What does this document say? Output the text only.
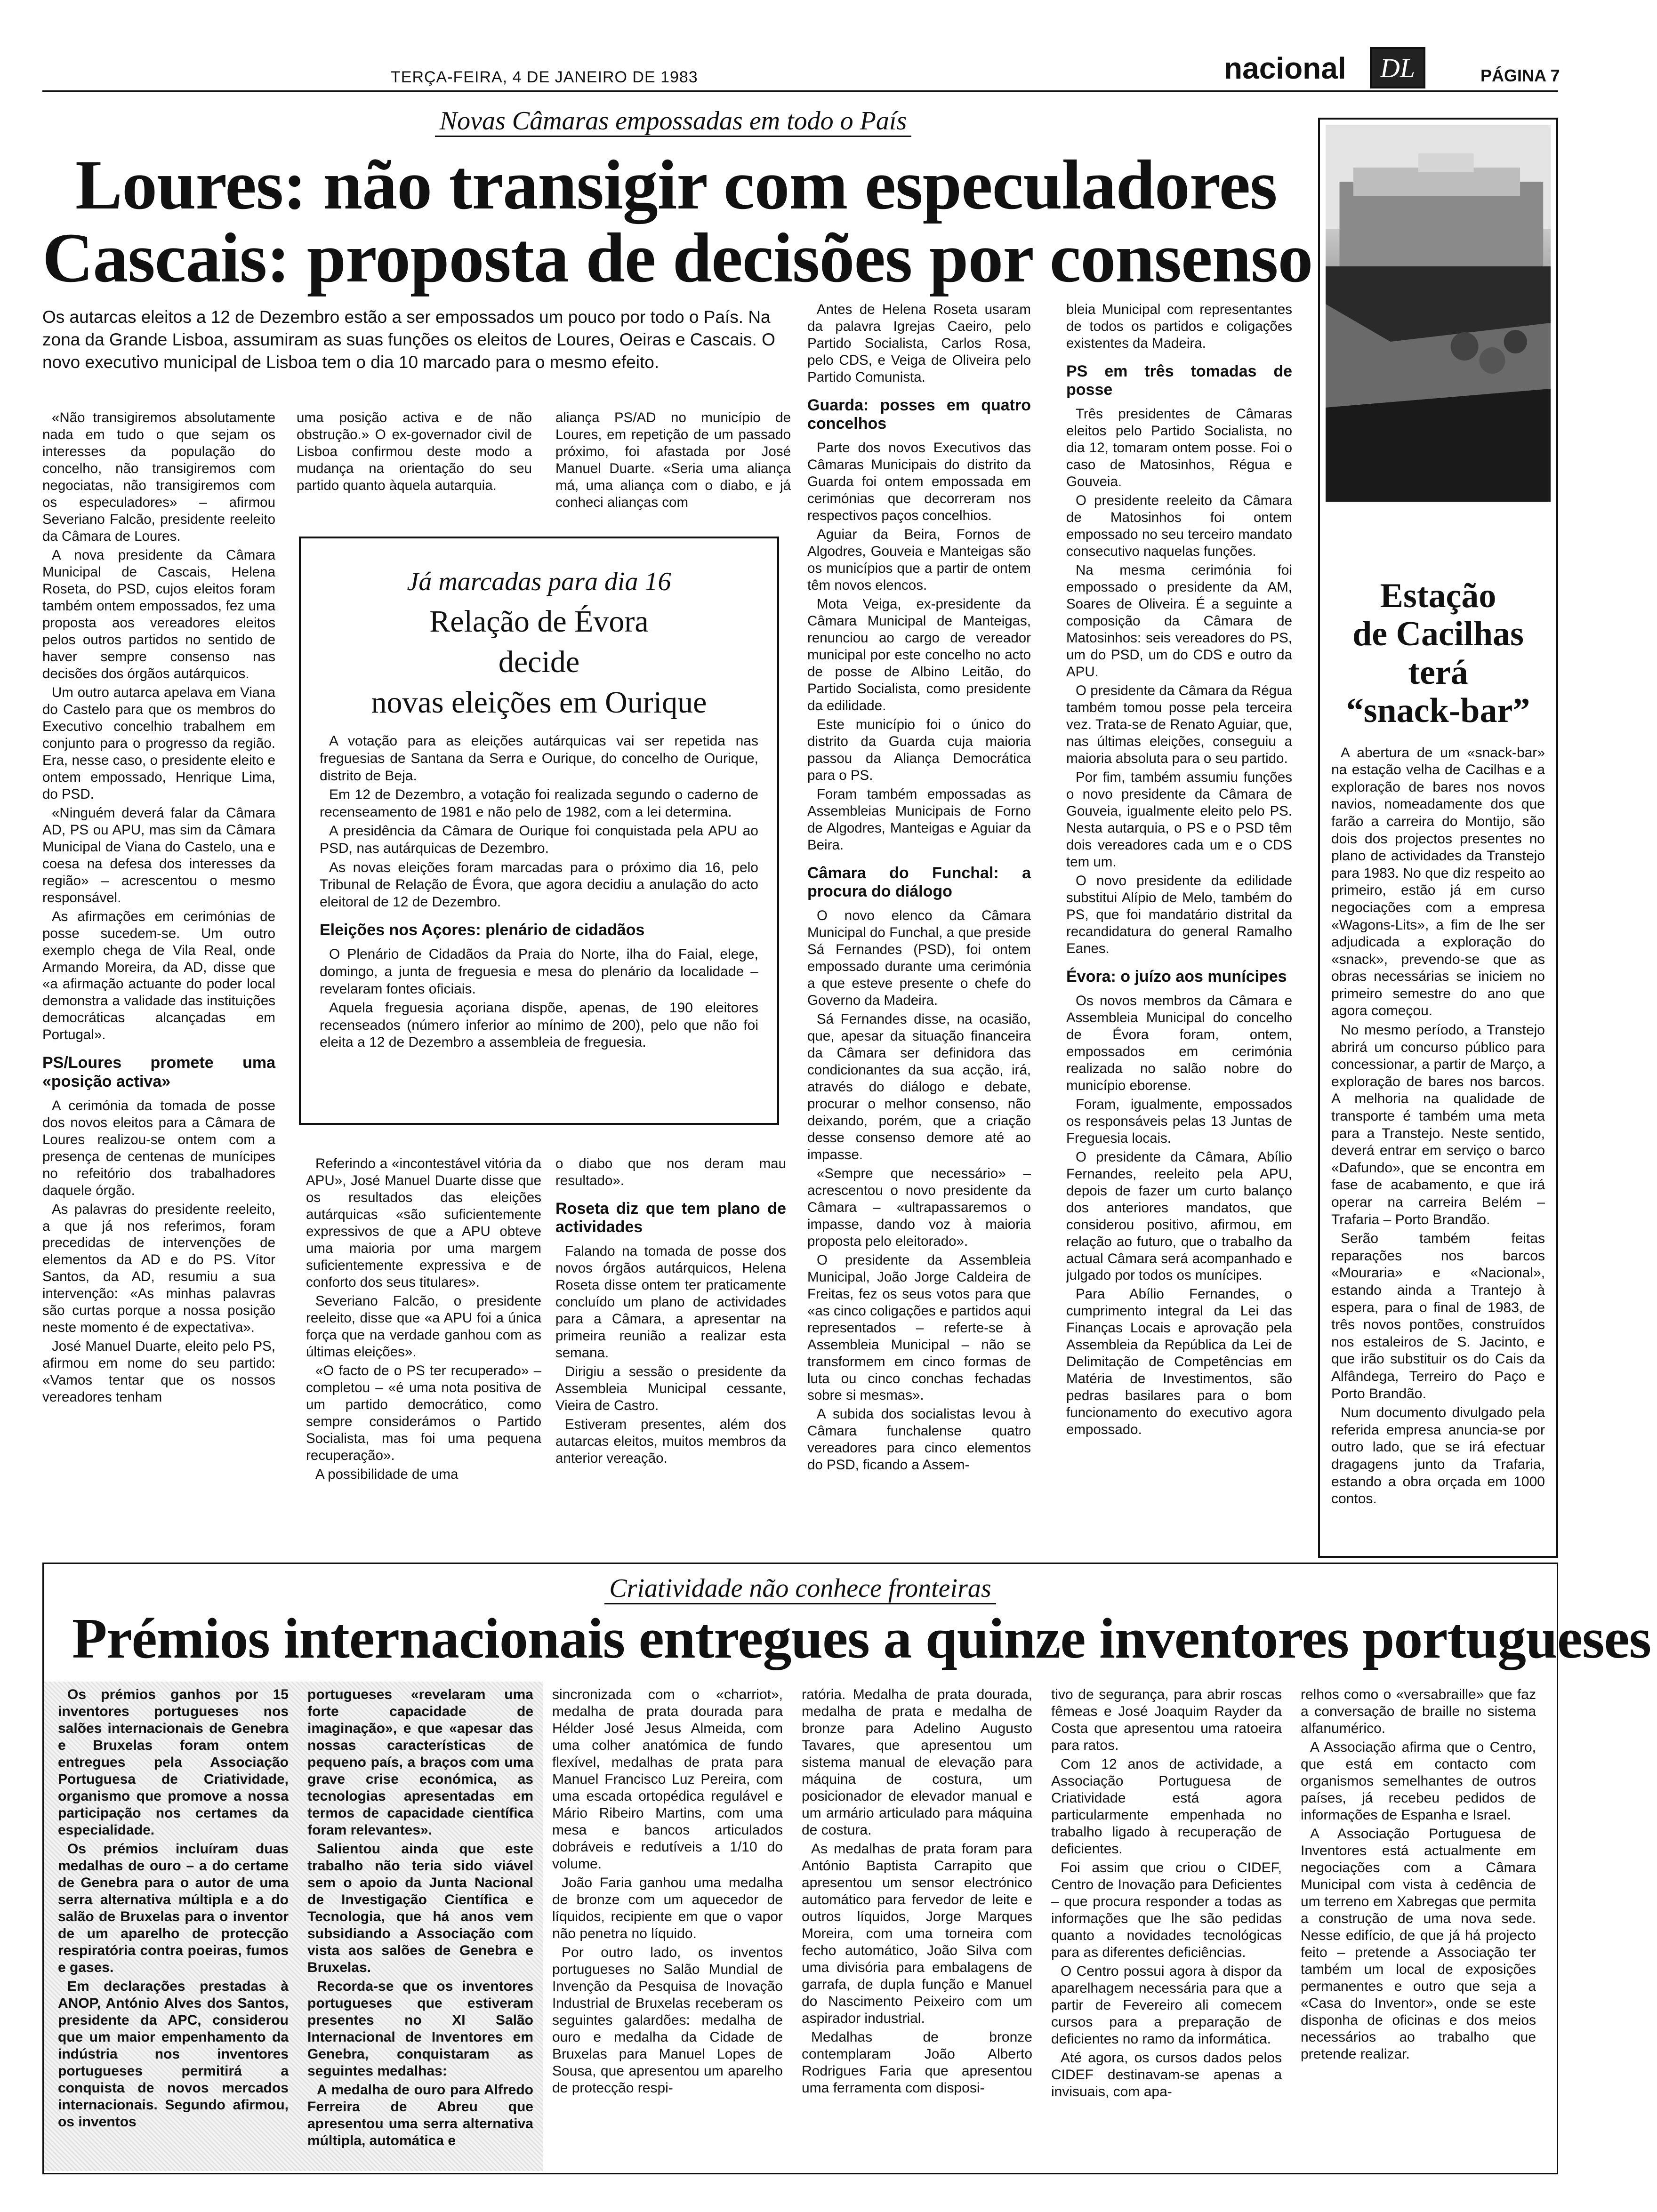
TERÇA-FEIRA, 4 DE JANEIRO DE 1983	nacional DL	PÁGINA 7
Novas Câmaras empossadas em todo o País
Loures: não transigir com especuladores
Cascais: proposta de decisões por consenso
Os autarcas eleitos a 12 de Dezembro estão a ser empossados um pouco por todo o País. Na zona da Grande Lisboa, assumiram as suas funções os eleitos de Loures, Oeiras e Cascais. O novo executivo municipal de Lisboa tem o dia 10 marcado para o mesmo efeito.

«Não transigiremos absolutamente nada em tudo o que sejam os interesses da população do concelho, não transigiremos com negociatas, não transigiremos com os especuladores» – afirmou Severiano Falcão, presidente reeleito da Câmara de Loures.

A nova presidente da Câmara Municipal de Cascais, Helena Roseta, do PSD, cujos eleitos foram também ontem empossados, fez uma proposta aos vereadores eleitos pelos outros partidos no sentido de haver sempre consenso nas decisões dos órgãos autárquicos.

Um outro autarca apelava em Viana do Castelo para que os membros do Executivo concelhio trabalhem em conjunto para o progresso da região. Era, nesse caso, o presidente eleito e ontem empossado, Henrique Lima, do PSD.

«Ninguém deverá falar da Câmara AD, PS ou APU, mas sim da Câmara Municipal de Viana do Castelo, una e coesa na defesa dos interesses da região» – acrescentou o mesmo responsável.

As afirmações em cerimónias de posse sucedem-se. Um outro exemplo chega de Vila Real, onde Armando Moreira, da AD, disse que «a afirmação actuante do poder local demonstra a validade das instituições democráticas alcançadas em Portugal».

PS/Loures promete uma «posição activa»

A cerimónia da tomada de posse dos novos eleitos para a Câmara de Loures realizou-se ontem com a presença de centenas de munícipes no refeitório dos trabalhadores daquele órgão.

As palavras do presidente reeleito, a que já nos referimos, foram precedidas de intervenções de elementos da AD e do PS. Vítor Santos, da AD, resumiu a sua intervenção: «As minhas palavras são curtas porque a nossa posição neste momento é de expectativa».

José Manuel Duarte, eleito pelo PS, afirmou em nome do seu partido: «Vamos tentar que os nossos vereadores tenham

uma posição activa e de não obstrução.» O ex-governador civil de Lisboa confirmou deste modo a mudança na orientação do seu partido quanto àquela autarquia.

aliança PS/AD no município de Loures, em repetição de um passado próximo, foi afastada por José Manuel Duarte. «Seria uma aliança má, uma aliança com o diabo, e já conheci alianças com

Já marcadas para dia 16
Relação de Évora
decide
novas eleições em Ourique

A votação para as eleições autárquicas vai ser repetida nas freguesias de Santana da Serra e Ourique, do concelho de Ourique, distrito de Beja.

Em 12 de Dezembro, a votação foi realizada segundo o caderno de recenseamento de 1981 e não pelo de 1982, com a lei determina.

A presidência da Câmara de Ourique foi conquistada pela APU ao PSD, nas autárquicas de Dezembro.

As novas eleições foram marcadas para o próximo dia 16, pelo Tribunal de Relação de Évora, que agora decidiu a anulação do acto eleitoral de 12 de Dezembro.

Eleições nos Açores: plenário de cidadãos

O Plenário de Cidadãos da Praia do Norte, ilha do Faial, elege, domingo, a junta de freguesia e mesa do plenário da localidade – revelaram fontes oficiais.

Aquela freguesia açoriana dispõe, apenas, de 190 eleitores recenseados (número inferior ao mínimo de 200), pelo que não foi eleita a 12 de Dezembro a assembleia de freguesia.

Referindo a «incontestável vitória da APU», José Manuel Duarte disse que os resultados das eleições autárquicas «são suficientemente expressivos de que a APU obteve uma maioria por uma margem suficientemente expressiva e de conforto dos seus titulares».

Severiano Falcão, o presidente reeleito, disse que «a APU foi a única força que na verdade ganhou com as últimas eleições».

«O facto de o PS ter recuperado» – completou – «é uma nota positiva de um partido democrático, como sempre considerámos o Partido Socialista, mas foi uma pequena recuperação».

A possibilidade de uma

o diabo que nos deram mau resultado».

Roseta diz que tem plano de actividades

Falando na tomada de posse dos novos órgãos autárquicos, Helena Roseta disse ontem ter praticamente concluído um plano de actividades para a Câmara, a apresentar na primeira reunião a realizar esta semana.

Dirigiu a sessão o presidente da Assembleia Municipal cessante, Vieira de Castro.

Estiveram presentes, além dos autarcas eleitos, muitos membros da anterior vereação.

Antes de Helena Roseta usaram da palavra Igrejas Caeiro, pelo Partido Socialista, Carlos Rosa, pelo CDS, e Veiga de Oliveira pelo Partido Comunista.

Guarda: posses em quatro concelhos

Parte dos novos Executivos das Câmaras Municipais do distrito da Guarda foi ontem empossada em cerimónias que decorreram nos respectivos paços concelhios.

Aguiar da Beira, Fornos de Algodres, Gouveia e Manteigas são os municípios que a partir de ontem têm novos elencos.

Mota Veiga, ex-presidente da Câmara Municipal de Manteigas, renunciou ao cargo de vereador municipal por este concelho no acto de posse de Albino Leitão, do Partido Socialista, como presidente da edilidade.

Este município foi o único do distrito da Guarda cuja maioria passou da Aliança Democrática para o PS.

Foram também empossadas as Assembleias Municipais de Forno de Algodres, Manteigas e Aguiar da Beira.

Câmara do Funchal: a procura do diálogo

O novo elenco da Câmara Municipal do Funchal, a que preside Sá Fernandes (PSD), foi ontem empossado durante uma cerimónia a que esteve presente o chefe do Governo da Madeira.

Sá Fernandes disse, na ocasião, que, apesar da situação financeira da Câmara ser definidora das condicionantes da sua acção, irá, através do diálogo e debate, procurar o melhor consenso, não deixando, porém, que a criação desse consenso demore até ao impasse.

«Sempre que necessário» – acrescentou o novo presidente da Câmara – «ultrapassaremos o impasse, dando voz à maioria proposta pelo eleitorado».

O presidente da Assembleia Municipal, João Jorge Caldeira de Freitas, fez os seus votos para que «as cinco coligações e partidos aqui representados – referte-se à Assembleia Municipal – não se transformem em cinco formas de luta ou cinco conchas fechadas sobre si mesmas».

A subida dos socialistas levou à Câmara funchalense quatro vereadores para cinco elementos do PSD, ficando a Assem-

bleia Municipal com representantes de todos os partidos e coligações existentes da Madeira.

PS em três tomadas de posse

Três presidentes de Câmaras eleitos pelo Partido Socialista, no dia 12, tomaram ontem posse. Foi o caso de Matosinhos, Régua e Gouveia.

O presidente reeleito da Câmara de Matosinhos foi ontem empossado no seu terceiro mandato consecutivo naquelas funções.

Na mesma cerimónia foi empossado o presidente da AM, Soares de Oliveira. É a seguinte a composição da Câmara de Matosinhos: seis vereadores do PS, um do PSD, um do CDS e outro da APU.

O presidente da Câmara da Régua também tomou posse pela terceira vez. Trata-se de Renato Aguiar, que, nas últimas eleições, conseguiu a maioria absoluta para o seu partido.

Por fim, também assumiu funções o novo presidente da Câmara de Gouveia, igualmente eleito pelo PS. Nesta autarquia, o PS e o PSD têm dois vereadores cada um e o CDS tem um.

O novo presidente da edilidade substitui Alípio de Melo, também do PS, que foi mandatário distrital da recandidatura do general Ramalho Eanes.

Évora: o juízo aos munícipes

Os novos membros da Câmara e Assembleia Municipal do concelho de Évora foram, ontem, empossados em cerimónia realizada no salão nobre do município eborense.

Foram, igualmente, empossados os responsáveis pelas 13 Juntas de Freguesia locais.

O presidente da Câmara, Abílio Fernandes, reeleito pela APU, depois de fazer um curto balanço dos anteriores mandatos, que considerou positivo, afirmou, em relação ao futuro, que o trabalho da actual Câmara será acompanhado e julgado por todos os munícipes.

Para Abílio Fernandes, o cumprimento integral da Lei das Finanças Locais e aprovação pela Assembleia da República da Lei de Delimitação de Competências em Matéria de Investimentos, são pedras basilares para o bom funcionamento do executivo agora empossado.

Estação
de Cacilhas
terá
“snack-bar”

A abertura de um «snack-bar» na estação velha de Cacilhas e a exploração de bares nos novos navios, nomeadamente dos que farão a carreira do Montijo, são dois dos projectos presentes no plano de actividades da Transtejo para 1983. No que diz respeito ao primeiro, estão já em curso negociações com a empresa «Wagons-Lits», a fim de lhe ser adjudicada a exploração do «snack», prevendo-se que as obras necessárias se iniciem no primeiro semestre do ano que agora começou.

No mesmo período, a Transtejo abrirá um concurso público para concessionar, a partir de Março, a exploração de bares nos barcos. A melhoria na qualidade de transporte é também uma meta para a Transtejo. Neste sentido, deverá entrar em serviço o barco «Dafundo», que se encontra em fase de acabamento, e que irá operar na carreira Belém – Trafaria – Porto Brandão.

Serão também feitas reparações nos barcos «Mouraria» e «Nacional», estando ainda a Trantejo à espera, para o final de 1983, de três novos pontões, construídos nos estaleiros de S. Jacinto, e que irão substituir os do Cais da Alfândega, Terreiro do Paço e Porto Brandão.

Num documento divulgado pela referida empresa anuncia-se por outro lado, que se irá efectuar dragagens junto da Trafaria, estando a obra orçada em 1000 contos.

Criatividade não conhece fronteiras
Prémios internacionais entregues a quinze inventores portugueses

Os prémios ganhos por 15 inventores portugueses nos salões internacionais de Genebra e Bruxelas foram ontem entregues pela Associação Portuguesa de Criatividade, organismo que promove a nossa participação nos certames da especialidade.

Os prémios incluíram duas medalhas de ouro – a do certame de Genebra para o autor de uma serra alternativa múltipla e a do salão de Bruxelas para o inventor de um aparelho de protecção respiratória contra poeiras, fumos e gases.

Em declarações prestadas à ANOP, António Alves dos Santos, presidente da APC, considerou que um maior empenhamento da indústria nos inventores portugueses permitirá a conquista de novos mercados internacionais. Segundo afirmou, os inventos

portugueses «revelaram uma forte capacidade de imaginação», e que «apesar das nossas características de pequeno país, a braços com uma grave crise económica, as tecnologias apresentadas em termos de capacidade científica foram relevantes».

Salientou ainda que este trabalho não teria sido viável sem o apoio da Junta Nacional de Investigação Científica e Tecnologia, que há anos vem subsidiando a Associação com vista aos salões de Genebra e Bruxelas.

Recorda-se que os inventores portugueses que estiveram presentes no XI Salão Internacional de Inventores em Genebra, conquistaram as seguintes medalhas:

A medalha de ouro para Alfredo Ferreira de Abreu que apresentou uma serra alternativa múltipla, automática e

sincronizada com o «charriot», medalha de prata dourada para Hélder José Jesus Almeida, com uma colher anatómica de fundo flexível, medalhas de prata para Manuel Francisco Luz Pereira, com uma escada ortopédica regulável e Mário Ribeiro Martins, com uma mesa e bancos articulados dobráveis e redutíveis a 1/10 do volume.

João Faria ganhou uma medalha de bronze com um aquecedor de líquidos, recipiente em que o vapor não penetra no líquido.

Por outro lado, os inventos portugueses no Salão Mundial de Invenção da Pesquisa de Inovação Industrial de Bruxelas receberam os seguintes galardões: medalha de ouro e medalha da Cidade de Bruxelas para Manuel Lopes de Sousa, que apresentou um aparelho de protecção respi-

ratória. Medalha de prata dourada, medalha de prata e medalha de bronze para Adelino Augusto Tavares, que apresentou um sistema manual de elevação para máquina de costura, um posicionador de elevador manual e um armário articulado para máquina de costura.

As medalhas de prata foram para António Baptista Carrapito que apresentou um sensor electrónico automático para fervedor de leite e outros líquidos, Jorge Marques Moreira, com uma torneira com fecho automático, João Silva com uma divisória para embalagens de garrafa, de dupla função e Manuel do Nascimento Peixeiro com um aspirador industrial.

Medalhas de bronze contemplaram João Alberto Rodrigues Faria que apresentou uma ferramenta com disposi-

tivo de segurança, para abrir roscas fêmeas e José Joaquim Rayder da Costa que apresentou uma ratoeira para ratos.

Com 12 anos de actividade, a Associação Portuguesa de Criatividade está agora particularmente empenhada no trabalho ligado à recuperação de deficientes.

Foi assim que criou o CIDEF, Centro de Inovação para Deficientes – que procura responder a todas as informações que lhe são pedidas quanto a novidades tecnológicas para as diferentes deficiências.

O Centro possui agora à dispor da aparelhagem necessária para que a partir de Fevereiro ali comecem cursos para a preparação de deficientes no ramo da informática.

Até agora, os cursos dados pelos CIDEF destinavam-se apenas a invisuais, com apa-

relhos como o «versabraille» que faz a conversação de braille no sistema alfanumérico.

A Associação afirma que o Centro, que está em contacto com organismos semelhantes de outros países, já recebeu pedidos de informações de Espanha e Israel.

A Associação Portuguesa de Inventores está actualmente em negociações com a Câmara Municipal com vista à cedência de um terreno em Xabregas que permita a construção de uma nova sede. Nesse edifício, de que já há projecto feito – pretende a Associação ter também um local de exposições permanentes e outro que seja a «Casa do Inventor», onde se este disponha de oficinas e dos meios necessários ao trabalho que pretende realizar.
